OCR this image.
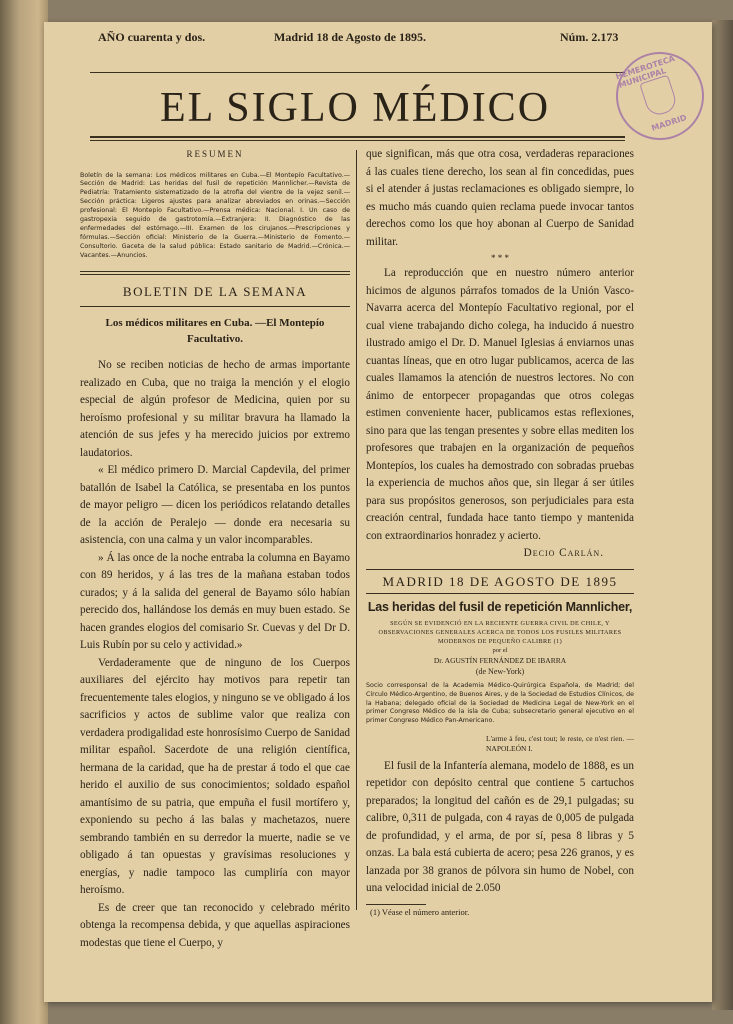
AÑO cuarenta y dos.	Madrid 18 de Agosto de 1895.	Núm. 2.173
EL SIGLO MÉDICO
HEMEROTECA MUNICIPAL
MADRID
RESUMEN
Boletín de la semana: Los médicos militares en Cuba.—El Montepío Facultativo.—Sección de Madrid: Las heridas del fusil de repetición Mannlicher.—Revista de Pediatría: Tratamiento sistematizado de la atrofia del vientre de la vejez senil.—Sección práctica: Ligeros ajustes para analizar abreviados en orinas.—Sección profesional: El Montepío Facultativo.—Prensa médica: Nacional. I. Un caso de gastropexia seguido de gastrotomía.—Extranjera: II. Diagnóstico de las enfermedades del estómago.—III. Examen de los cirujanos.—Prescripciones y fórmulas.—Sección oficial: Ministerio de la Guerra.—Ministerio de Fomento.—Consultorio. Gaceta de la salud pública: Estado sanitario de Madrid.—Crónica.—Vacantes.—Anuncios.
BOLETIN DE LA SEMANA
Los médicos militares en Cuba. —El Montepío Facultativo.

No se reciben noticias de hecho de armas importante realizado en Cuba, que no traiga la mención y el elogio especial de algún profesor de Medicina, quien por su heroísmo profesional y su militar bravura ha llamado la atención de sus jefes y ha merecido juicios por extremo laudatorios.

« El médico primero D. Marcial Capdevila, del primer batallón de Isabel la Católica, se presentaba en los puntos de mayor peligro — dicen los periódicos relatando detalles de la acción de Peralejo — donde era necesaria su asistencia, con una calma y un valor incomparables.

» Á las once de la noche entraba la columna en Bayamo con 89 heridos, y á las tres de la mañana estaban todos curados; y á la salida del general de Bayamo sólo habían perecido dos, hallándose los demás en muy buen estado. Se hacen grandes elogios del comisario Sr. Cuevas y del Dr D. Luis Rubín por su celo y actividad.»

Verdaderamente que de ninguno de los Cuerpos auxiliares del ejército hay motivos para repetir tan frecuentemente tales elogios, y ninguno se ve obligado á los sacrificios y actos de sublime valor que realiza con verdadera prodigalidad este honrosísimo Cuerpo de Sanidad militar español. Sacerdote de una religión científica, hermana de la caridad, que ha de prestar á todo el que cae herido el auxilio de sus conocimientos; soldado español amantísimo de su patria, que empuña el fusil mortífero y, exponiendo su pecho á las balas y machetazos, nuere sembrando también en su derredor la muerte, nadie se ve obligado á tan opuestas y gravísimas resoluciones y energías, y nadie tampoco las cumpliría con mayor heroísmo.

Es de creer que tan reconocido y celebrado mérito obtenga la recompensa debida, y que aquellas aspiraciones modestas que tiene el Cuerpo, y

que significan, más que otra cosa, verdaderas reparaciones á las cuales tiene derecho, los sean al fin concedidas, pues si el atender á justas reclamaciones es obligado siempre, lo es mucho más cuando quien reclama puede invocar tantos derechos como los que hoy abonan al Cuerpo de Sanidad militar.

* * *

La reproducción que en nuestro número anterior hicimos de algunos párrafos tomados de la Unión Vasco-Navarra acerca del Montepío Facultativo regional, por el cual viene trabajando dicho colega, ha inducido á nuestro ilustrado amigo el Dr. D. Manuel Iglesias á enviarnos unas cuantas líneas, que en otro lugar publicamos, acerca de las cuales llamamos la atención de nuestros lectores. No con ánimo de entorpecer propagandas que otros colegas estimen conveniente hacer, publicamos estas reflexiones, sino para que las tengan presentes y sobre ellas mediten los profesores que trabajen en la organización de pequeños Montepíos, los cuales ha demostrado con sobradas pruebas la experiencia de muchos años que, sin llegar á ser útiles para sus propósitos generosos, son perjudiciales para esta creación central, fundada hace tanto tiempo y mantenida con extraordinarios honradez y acierto.

Decio Carlán.
MADRID 18 DE AGOSTO DE 1895
Las heridas del fusil de repetición Mannlicher,
SEGÚN SE EVIDENCIÓ EN LA RECIENTE GUERRA CIVIL DE CHILE, Y OBSERVACIONES GENERALES ACERCA DE TODOS LOS FUSILES MILITARES MODERNOS DE PEQUEÑO CALIBRE (1)
por el
Dr. AGUSTÍN FERNÁNDEZ DE IBARRA
(de New-York)
Socio corresponsal de la Academia Médico-Quirúrgica Española, de Madrid; del Círculo Médico-Argentino, de Buenos Aires, y de la Sociedad de Estudios Clínicos, de la Habana; delegado oficial de la Sociedad de Medicina Legal de New-York en el primer Congreso Médico de la isla de Cuba; subsecretario general ejecutivo en el primer Congreso Médico Pan-Americano.
L'arme à feu, c'est tout; le reste, ce n'est rien. — NAPOLEÓN I.

El fusil de la Infantería alemana, modelo de 1888, es un repetidor con depósito central que contiene 5 cartuchos preparados; la longitud del cañón es de 29,1 pulgadas; su calibre, 0,311 de pulgada, con 4 rayas de 0,005 de pulgada de profundidad, y el arma, de por sí, pesa 8 libras y 5 onzas. La bala está cubierta de acero; pesa 226 granos, y es lanzada por 38 granos de pólvora sin humo de Nobel, con una velocidad inicial de 2.050

(1) Véase el número anterior.
